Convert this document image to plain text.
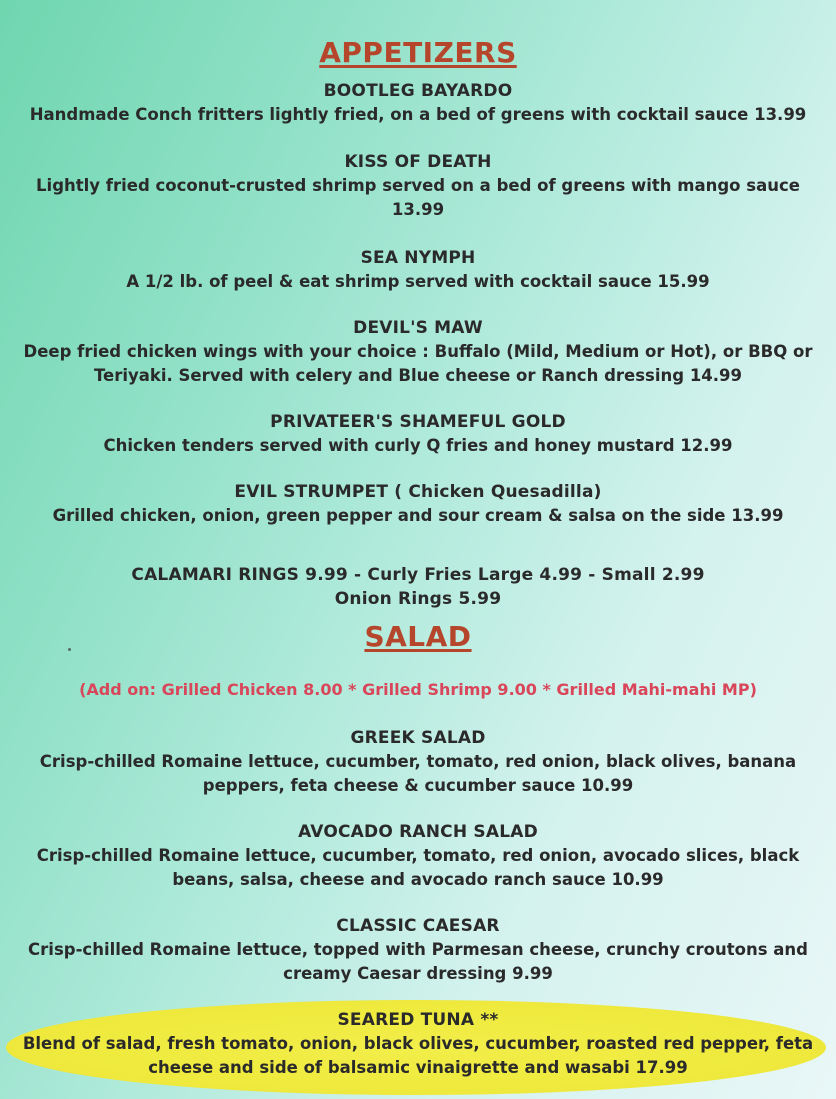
APPETIZERS
BOOTLEG BAYARDO
Handmade Conch fritters lightly fried, on a bed of greens with cocktail sauce 13.99
KISS OF DEATH
Lightly fried coconut-crusted shrimp served on a bed of greens with mango sauce 13.99
SEA NYMPH
A 1/2 lb. of peel & eat shrimp served with cocktail sauce 15.99
DEVIL'S MAW
Deep fried chicken wings with your choice : Buffalo (Mild, Medium or Hot), or BBQ or Teriyaki. Served with celery and Blue cheese or Ranch dressing 14.99
PRIVATEER'S SHAMEFUL GOLD
Chicken tenders served with curly Q fries and honey mustard 12.99
EVIL STRUMPET ( Chicken Quesadilla)
Grilled chicken, onion, green pepper and sour cream & salsa on the side 13.99
CALAMARI RINGS 9.99 - Curly Fries Large 4.99 - Small 2.99
Onion Rings 5.99
SALAD
(Add on: Grilled Chicken 8.00 * Grilled Shrimp 9.00 * Grilled Mahi-mahi MP)
GREEK SALAD
Crisp-chilled Romaine lettuce, cucumber, tomato, red onion, black olives, banana peppers, feta cheese & cucumber sauce 10.99
AVOCADO RANCH SALAD
Crisp-chilled Romaine lettuce, cucumber, tomato, red onion, avocado slices, black beans, salsa, cheese and avocado ranch sauce 10.99
CLASSIC CAESAR
Crisp-chilled Romaine lettuce, topped with Parmesan cheese, crunchy croutons and creamy Caesar dressing 9.99
SEARED TUNA **
Blend of salad, fresh tomato, onion, black olives, cucumber, roasted red pepper, feta cheese and side of balsamic vinaigrette and wasabi 17.99
